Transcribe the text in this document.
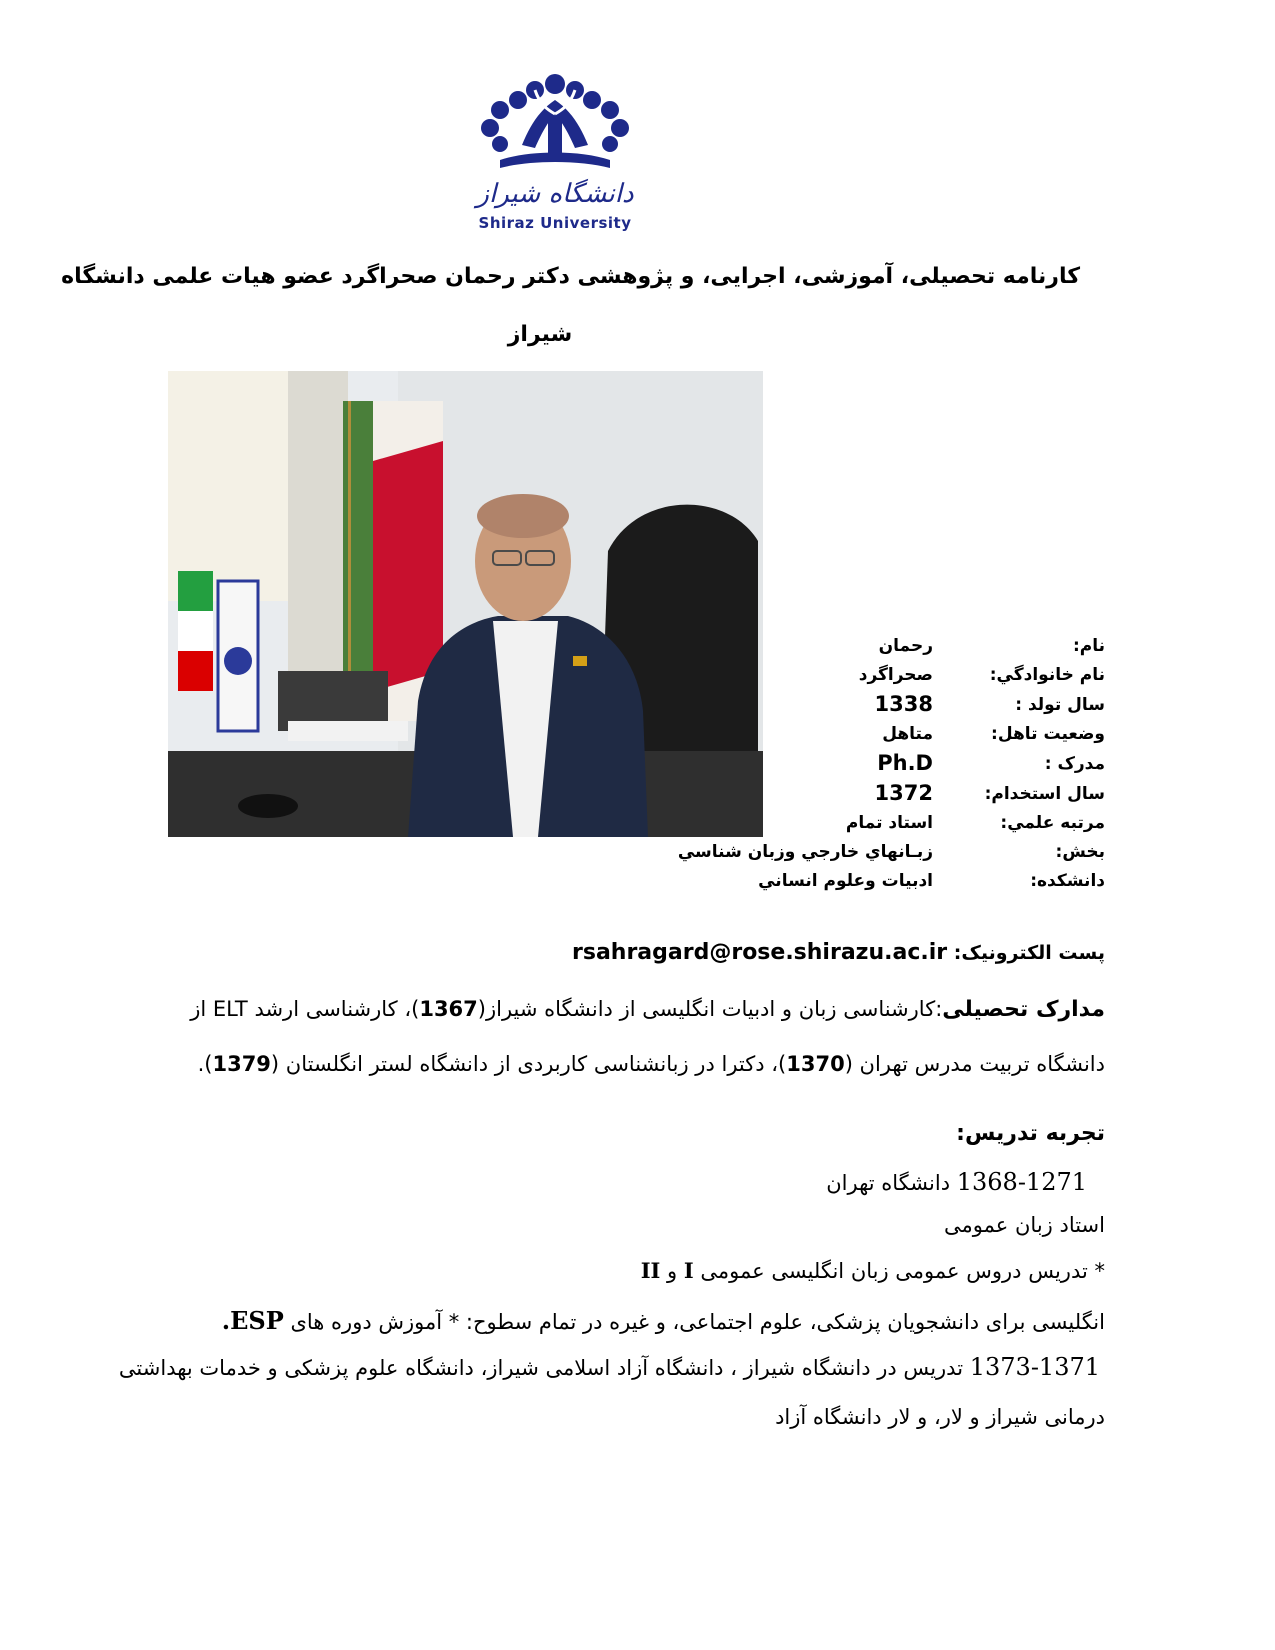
دانشگاه شیراز
Shiraz University
کارنامه تحصیلی، آموزشی، اجرایی، و پژوهشی دکتر رحمان صحراگرد عضو هیات علمی دانشگاه
شیراز
نام:
رحمان
نام خانوادگي:
صحراگرد
سال تولد :
1338
وضعيت تاهل:
متاهل
مدرک :
Ph.D
سال استخدام:
1372
مرتبه علمي:
استاد تمام
بخش:
زبـانهاي خارجي وزبان شناسي
دانشکده:
ادبيات وعلوم انساني
پست الکترونیک: rsahragard@rose.shirazu.ac.ir
مدارک تحصیلی:کارشناسی زبان و ادبیات انگلیسی از دانشگاه شیراز(1367)، کارشناسی ارشد ELT از
دانشگاه تربیت مدرس تهران (1370)، دکترا در زبانشناسی کاربردی از دانشگاه لستر انگلستان (1379).
تجربه تدریس:
1368-1271 دانشگاه تهران
استاد زبان عمومی
* تدریس دروس عمومی زبان انگلیسی عمومی I و II
انگلیسی برای دانشجویان پزشکی، علوم اجتماعی، و غیره در تمام سطوح: * آموزش دوره های ESP.
1373-1371 تدریس در دانشگاه شیراز ، دانشگاه آزاد اسلامی شیراز، دانشگاه علوم پزشکی و خدمات بهداشتی
درمانی شیراز و لار، و لار دانشگاه آزاد
